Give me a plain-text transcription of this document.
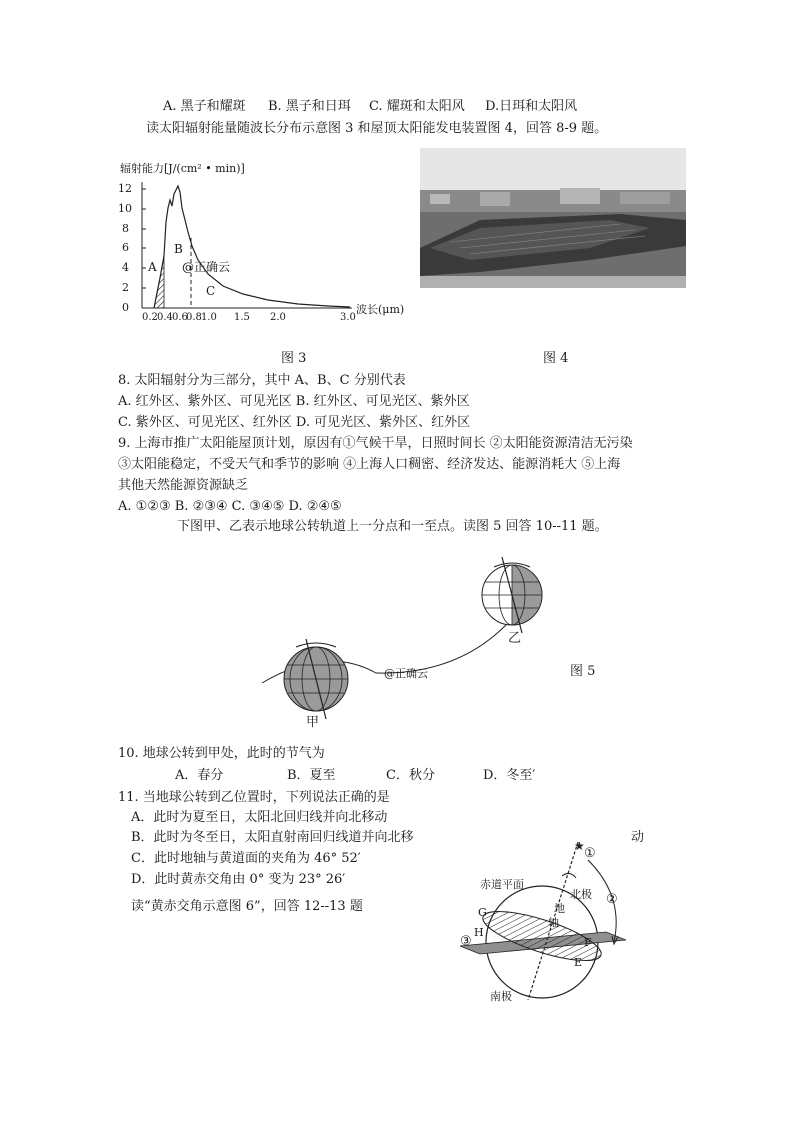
A. 黑子和耀斑 B. 黑子和日珥 C. 耀斑和太阳风 D.日珥和太阳风
读太阳辐射能量随波长分布示意图 3 和屋顶太阳能发电装置图 4，回答 8-9 题。
辐射能力[J/(cm² • min)]
12
10
8
6
4
2
0
0.2 0.4 0.6
0.8 1.0 1.5 2.0	3.0
波长(μm)
A
B
C
@正确云
图 3	图 4
8. 太阳辐射分为三部分，其中 A、B、C 分别代表
A. 红外区、紫外区、可见光区 B. 红外区、可见光区、紫外区
C. 紫外区、可见光区、红外区 D. 可见光区、紫外区、红外区
9. 上海市推广太阳能屋顶计划，原因有①气候干旱，日照时间长 ②太阳能资源清洁无污染
③太阳能稳定，不受天气和季节的影响 ④上海人口稠密、经济发达、能源消耗大 ⑤上海
其他天然能源资源缺乏
A. ①②③ B. ②③④ C. ③④⑤ D. ②④⑤
下图甲、乙表示地球公转轨道上一分点和一至点。读图 5 回答 10--11 题。
甲
乙
@正确云	图 5
10. 地球公转到甲处，此时的节气为
A．春分	B．夏至	C．秋分	D．冬至′
11. 当地球公转到乙位置时，下列说法正确的是
A．此时为夏至日，太阳北回归线并向北移动
B．此时为冬至日，太阳直射南回归线道并向北移	动
C．此时地轴与黄道面的夹角为 46° 52′
D．此时黄赤交角由 0° 变为 23° 26′
读“黄赤交角示意图 6”，回答 12--13 题
★ ①
②
③
赤道平面
北极
地
轴
南极
G
H
F
E
